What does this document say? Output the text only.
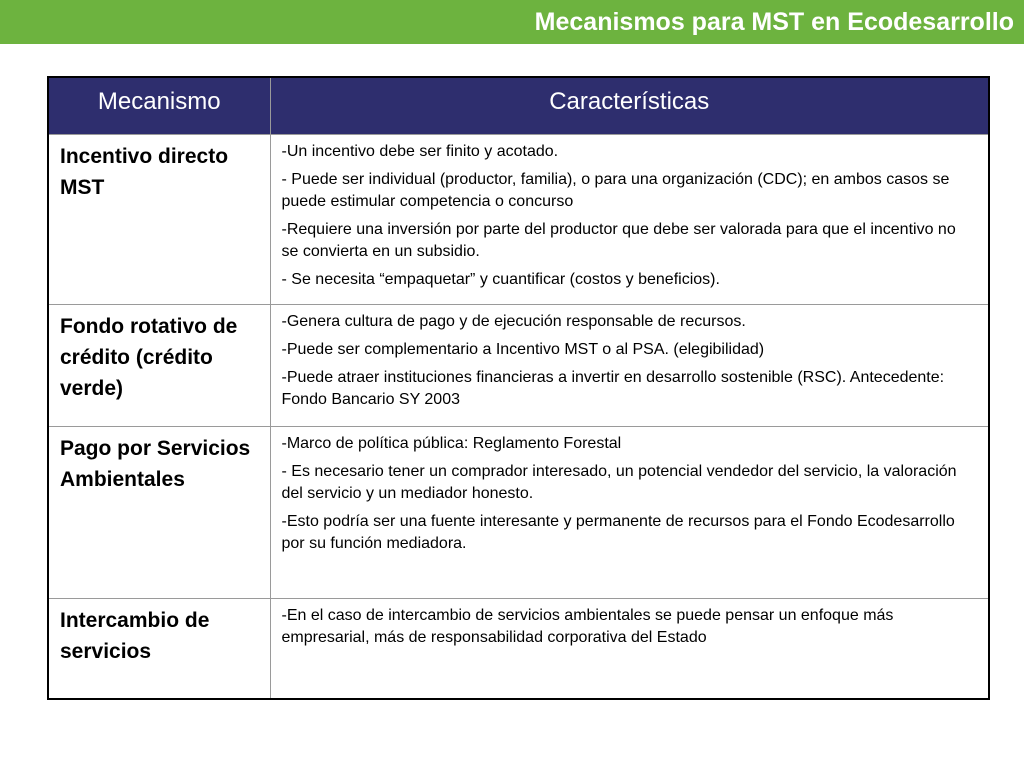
Mecanismos para MST en Ecodesarrollo
Mecanismo	Características
Incentivo directo MST	-Un incentivo debe ser finito y acotado.

- Puede ser individual (productor, familia), o para una organización (CDC); en ambos casos se puede estimular competencia o concurso

-Requiere una inversión por parte del productor que debe ser valorada para que el incentivo no se convierta en un subsidio.

- Se necesita “empaquetar” y cuantificar (costos y beneficios).

Fondo rotativo de crédito (crédito verde)	-Genera cultura de pago y de ejecución responsable de recursos.

-Puede ser complementario a Incentivo MST o al PSA. (elegibilidad)

-Puede atraer instituciones financieras a invertir en desarrollo sostenible (RSC). Antecedente: Fondo Bancario SY 2003

Pago por Servicios Ambientales	-Marco de política pública: Reglamento Forestal

- Es necesario tener un comprador interesado, un potencial vendedor del servicio, la valoración del servicio y un mediador honesto.

-Esto podría ser una fuente interesante y permanente de recursos para el Fondo Ecodesarrollo por su función mediadora.

Intercambio de servicios	-En el caso de intercambio de servicios ambientales se puede pensar un enfoque más empresarial, más de responsabilidad corporativa del Estado
